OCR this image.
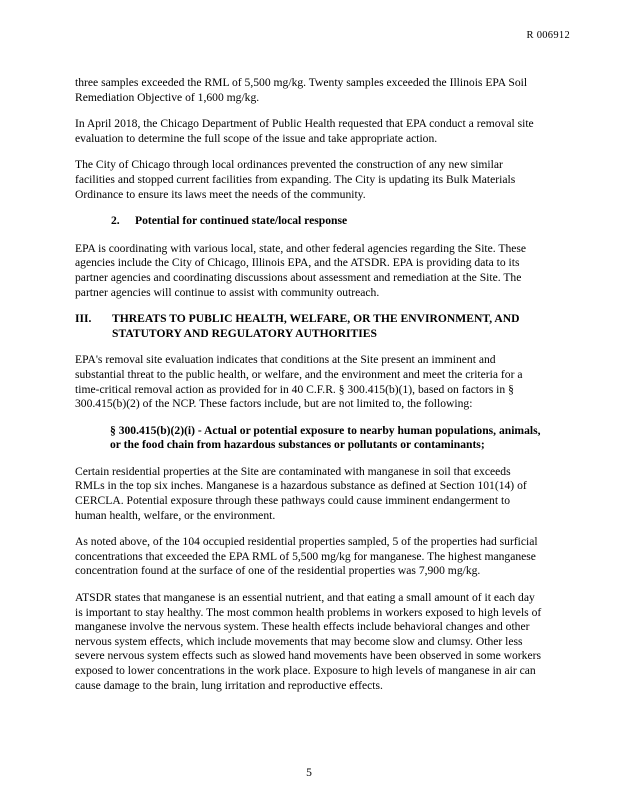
R 006912

three samples exceeded the RML of 5,500 mg/kg. Twenty samples exceeded the Illinois EPA Soil Remediation Objective of 1,600 mg/kg.

In April 2018, the Chicago Department of Public Health requested that EPA conduct a removal site evaluation to determine the full scope of the issue and take appropriate action.

The City of Chicago through local ordinances prevented the construction of any new similar facilities and stopped current facilities from expanding. The City is updating its Bulk Materials Ordinance to ensure its laws meet the needs of the community.

2. Potential for continued state/local response

EPA is coordinating with various local, state, and other federal agencies regarding the Site. These agencies include the City of Chicago, Illinois EPA, and the ATSDR. EPA is providing data to its partner agencies and coordinating discussions about assessment and remediation at the Site. The partner agencies will continue to assist with community outreach.

III.	THREATS TO PUBLIC HEALTH, WELFARE, OR THE ENVIRONMENT, AND STATUTORY AND REGULATORY AUTHORITIES

EPA's removal site evaluation indicates that conditions at the Site present an imminent and substantial threat to the public health, or welfare, and the environment and meet the criteria for a time-critical removal action as provided for in 40 C.F.R. § 300.415(b)(1), based on factors in § 300.415(b)(2) of the NCP. These factors include, but are not limited to, the following:

§ 300.415(b)(2)(i) - Actual or potential exposure to nearby human populations, animals, or the food chain from hazardous substances or pollutants or contaminants;

Certain residential properties at the Site are contaminated with manganese in soil that exceeds RMLs in the top six inches. Manganese is a hazardous substance as defined at Section 101(14) of CERCLA. Potential exposure through these pathways could cause imminent endangerment to human health, welfare, or the environment.

As noted above, of the 104 occupied residential properties sampled, 5 of the properties had surficial concentrations that exceeded the EPA RML of 5,500 mg/kg for manganese. The highest manganese concentration found at the surface of one of the residential properties was 7,900 mg/kg.

ATSDR states that manganese is an essential nutrient, and that eating a small amount of it each day is important to stay healthy. The most common health problems in workers exposed to high levels of manganese involve the nervous system. These health effects include behavioral changes and other nervous system effects, which include movements that may become slow and clumsy. Other less severe nervous system effects such as slowed hand movements have been observed in some workers exposed to lower concentrations in the work place. Exposure to high levels of manganese in air can cause damage to the brain, lung irritation and reproductive effects.

5
